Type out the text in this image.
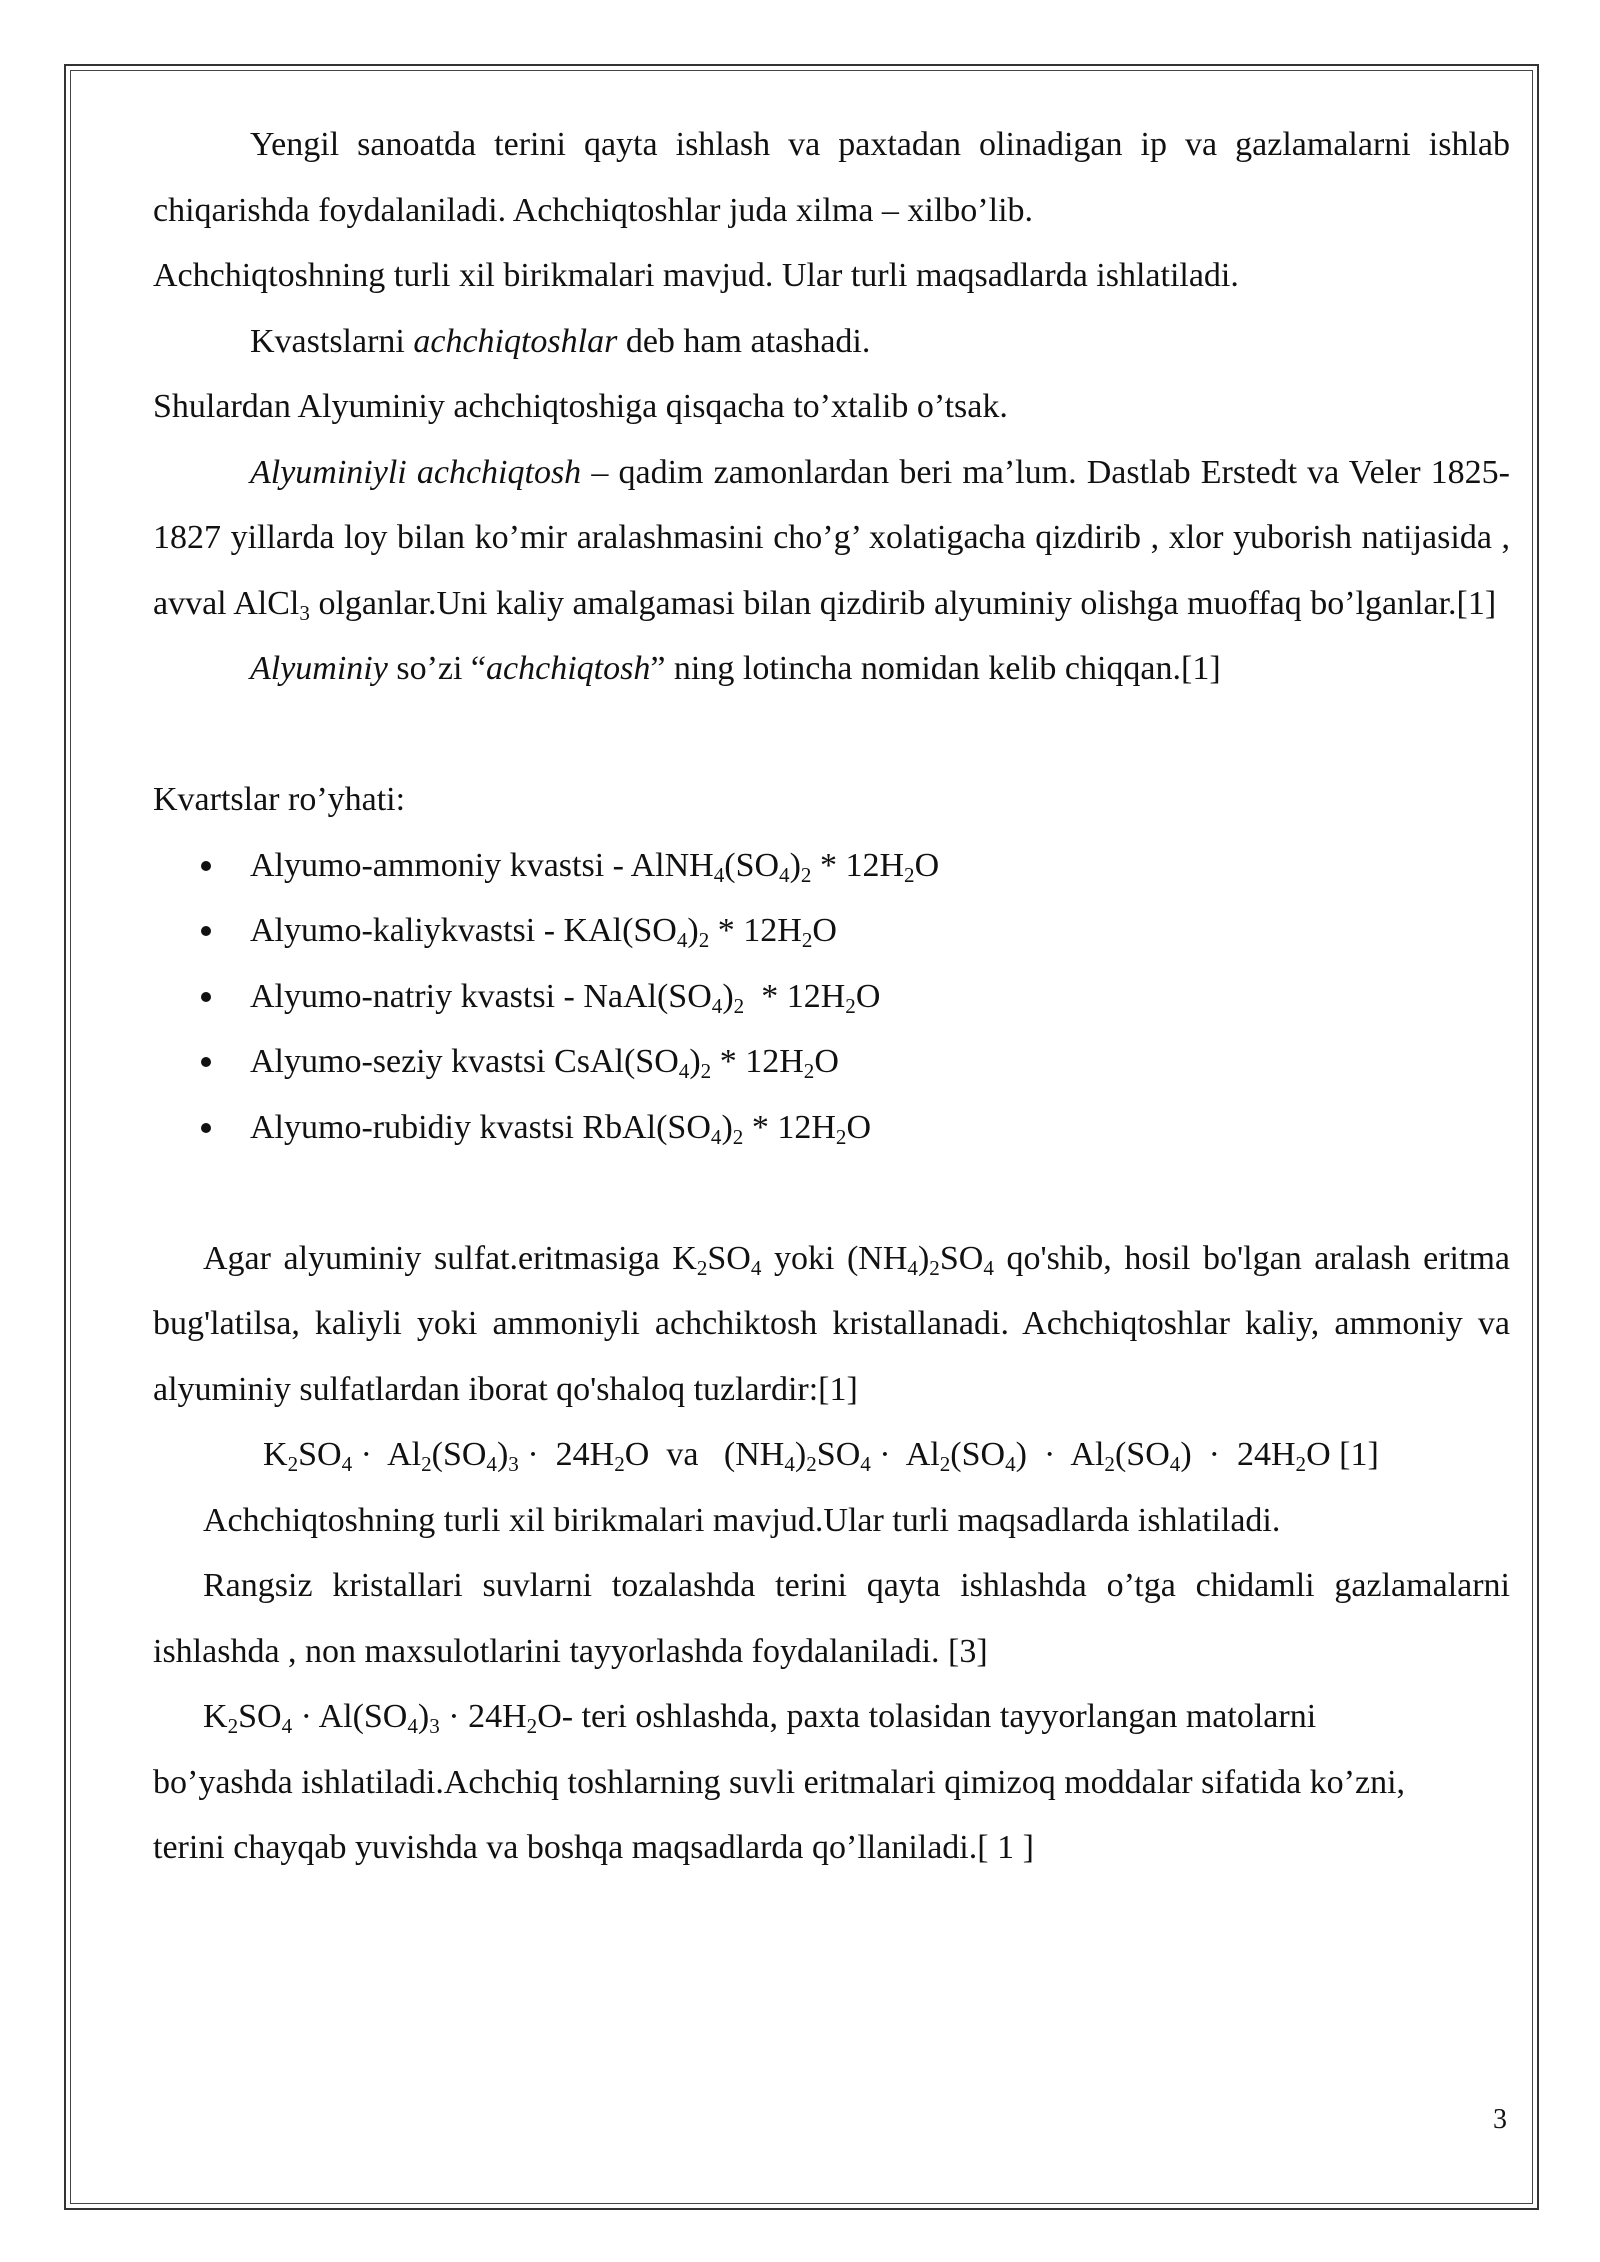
Yengil sanoatda terini qayta ishlash va paxtadan olinadigan ip va gazlamalarni ishlab chiqarishda foydalaniladi. Achchiqtoshlar juda xilma – xilbo’lib.

Achchiqtoshning turli xil birikmalari mavjud. Ular turli maqsadlarda ishlatiladi.

Kvastslarni achchiqtoshlar deb ham atashadi.

Shulardan Alyuminiy achchiqtoshiga qisqacha to’xtalib o’tsak.

Alyuminiyli achchiqtosh – qadim zamonlardan beri ma’lum. Dastlab Erstedt va Veler 1825-1827 yillarda loy bilan ko’mir aralashmasini cho’g’ xolatigacha qizdirib , xlor yuborish natijasida , avval AlCl$_3$ olganlar.Uni kaliy amalgamasi bilan qizdirib alyuminiy olishga muoffaq bo’lganlar.[1]

Alyuminiy so’zi “achchiqtosh” ning lotincha nomidan kelib chiqqan.[1]

Kvartslar ro’yhati:

Alyumo-ammoniy kvastsi - $AlNH_4(SO_4)_2 * 12H_2O$
Alyumo-kaliykvastsi - $KAl(SO_4)_2 * 12H_2O$
Alyumo-natriy kvastsi - $NaAl(SO_4)_2 * 12H_2O$
Alyumo-seziy kvastsi $CsAl(SO_4)_2 * 12H_2O$
Alyumo-rubidiy kvastsi $RbAl(SO_4)_2 * 12H_2O$

Agar alyuminiy sulfat.eritmasiga $K_2SO_4$ yoki $(NH_4)_2SO_4$ qo'shib, hosil bo'lgan aralash eritma bug'latilsa, kaliyli yoki ammoniyli achchiktosh kristallanadi. Achchiqtoshlar kaliy, ammoniy va alyuminiy sulfatlardan iborat qo'shaloq tuzlardir:[1]

$K_2SO_4 \cdot Al_2(SO_4)_3 \cdot 24H_2O$  va   $(NH_4)_2SO_4 \cdot Al_2(SO_4) \cdot Al_2(SO_4) \cdot 24H_2O$ [1]

Achchiqtoshning turli xil birikmalari mavjud.Ular turli maqsadlarda ishlatiladi.

Rangsiz kristallari suvlarni tozalashda terini qayta ishlashda o’tga chidamli gazlamalarni ishlashda , non maxsulotlarini tayyorlashda foydalaniladi. [3]

$K_2SO_4 \cdot Al(SO_4)_3 \cdot 24H_2O-$ teri oshlashda, paxta tolasidan tayyorlangan matolarni bo’yashda ishlatiladi.Achchiq toshlarning suvli eritmalari qimizoq moddalar sifatida ko’zni, terini chayqab yuvishda va boshqa maqsadlarda qo’llaniladi.[ 1 ]

3
